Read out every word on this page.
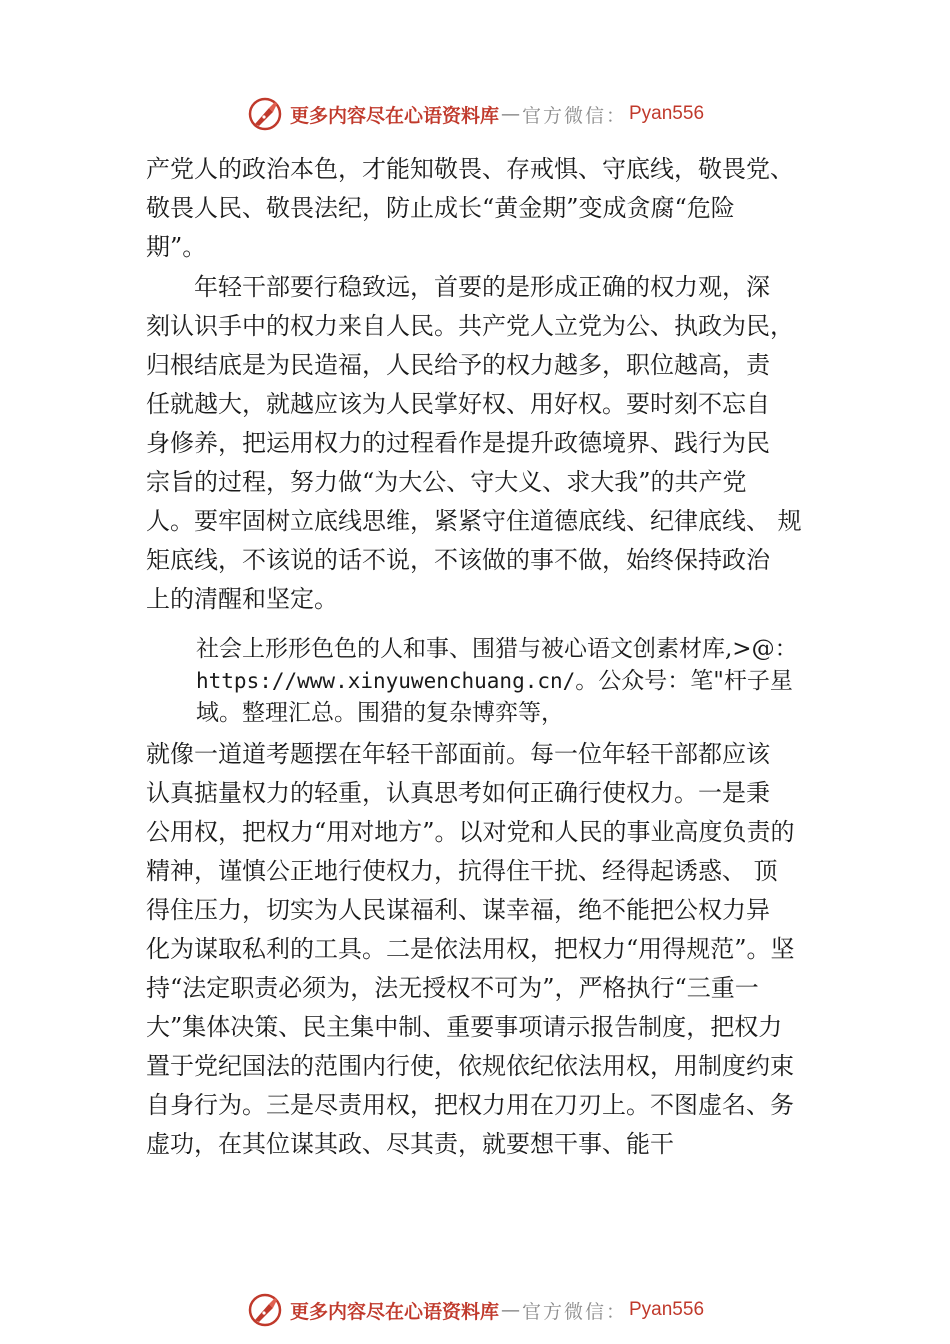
更多内容尽在心语资料库 — 官方微信： Pyan556
产党人的政治本色，才能知敬畏、存戒惧、守底线，敬畏党、
敬畏人民、敬畏法纪，防止成长“黄金期”变成贪腐“危险
期”。
年轻干部要行稳致远，首要的是形成正确的权力观，深
刻认识手中的权力来自人民。共产党人立党为公、执政为民，
归根结底是为民造福，人民给予的权力越多，职位越高，责
任就越大，就越应该为人民掌好权、用好权。要时刻不忘自
身修养，把运用权力的过程看作是提升政德境界、践行为民
宗旨的过程，努力做“为大公、守大义、求大我”的共产党
人。要牢固树立底线思维，紧紧守住道德底线、纪律底线、 规
矩底线，不该说的话不说，不该做的事不做，始终保持政治
上的清醒和坚定。
社会上形形色色的人和事、围猎与被心语文创素材库,>@：
https://www.xinyuwenchuang.cn/。公众号：笔"杆子星
域。整理汇总。围猎的复杂博弈等，
就像一道道考题摆在年轻干部面前。每一位年轻干部都应该
认真掂量权力的轻重，认真思考如何正确行使权力。一是秉
公用权，把权力“用对地方”。以对党和人民的事业高度负责的
精神，谨慎公正地行使权力，抗得住干扰、经得起诱惑、 顶
得住压力，切实为人民谋福利、谋幸福，绝不能把公权力异
化为谋取私利的工具。二是依法用权，把权力“用得规范”。坚
持“法定职责必须为，法无授权不可为”，严格执行“三重一
大”集体决策、民主集中制、重要事项请示报告制度，把权力
置于党纪国法的范围内行使，依规依纪依法用权，用制度约束
自身行为。三是尽责用权，把权力用在刀刃上。不图虚名、务
虚功，在其位谋其政、尽其责，就要想干事、能干
更多内容尽在心语资料库 — 官方微信： Pyan556
